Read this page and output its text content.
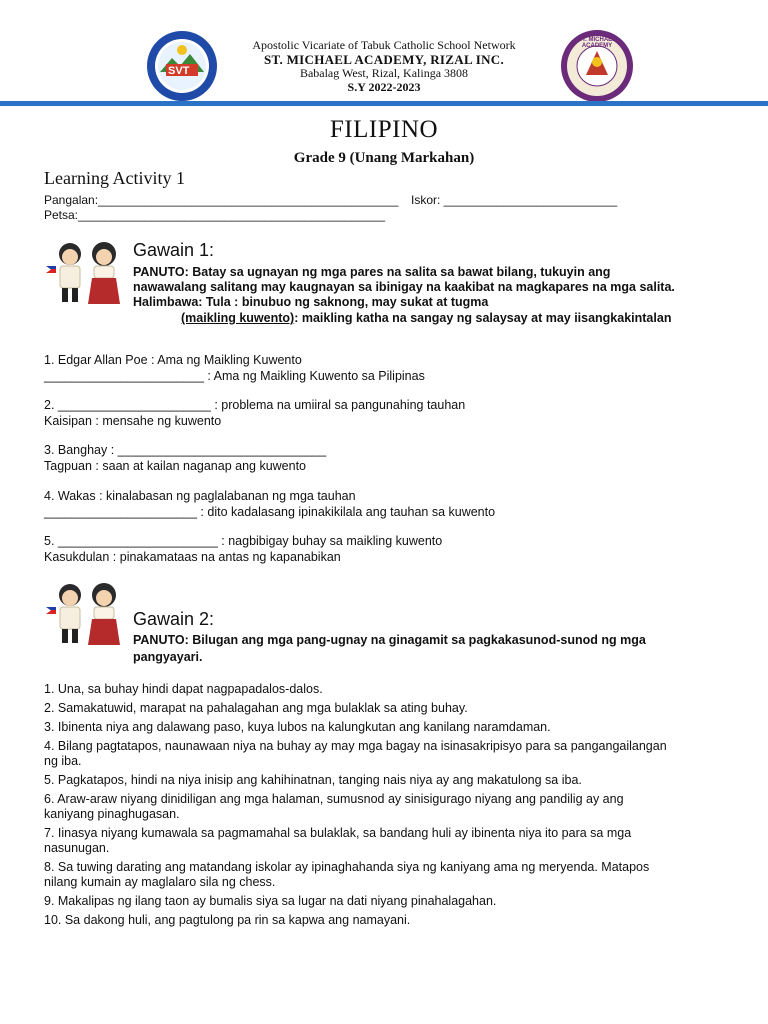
SVT
ST. MICHAEL ACADEMY
Apostolic Vicariate of Tabuk Catholic School Network
ST. MICHAEL ACADEMY, RIZAL INC.
Babalag West, Rizal, Kalinga 3808
S.Y 2022-2023
FILIPINO
Grade 9 (Unang Markahan)
Learning Activity 1
Pangalan:_____________________________________________ Iskor: __________________________
Petsa:______________________________________________
Gawain 1:
PANUTO: Batay sa ugnayan ng mga pares na salita sa bawat bilang, tukuyin ang
nawawalang salitang may kaugnayan sa ibinigay na kaakibat na magkapares na mga salita.
Halimbawa: Tula : binubuo ng saknong, may sukat at tugma
(maikling kuwento): maikling katha na sangay ng salaysay at may iisangkakintalan
1. Edgar Allan Poe : Ama ng Maikling Kuwento
_______________________ : Ama ng Maikling Kuwento sa Pilipinas
2. ______________________ : problema na umiiral sa pangunahing tauhan
Kaisipan : mensahe ng kuwento
3. Banghay : ______________________________
Tagpuan : saan at kailan naganap ang kuwento
4. Wakas : kinalabasan ng paglalabanan ng mga tauhan
______________________ : dito kadalasang ipinakikilala ang tauhan sa kuwento
5. _______________________ : nagbibigay buhay sa maikling kuwento
Kasukdulan : pinakamataas na antas ng kapanabikan
Gawain 2:
PANUTO: Bilugan ang mga pang-ugnay na ginagamit sa pagkakasunod-sunod ng mga
pangyayari.
1. Una, sa buhay hindi dapat nagpapadalos-dalos.
2. Samakatuwid, marapat na pahalagahan ang mga bulaklak sa ating buhay.
3. Ibinenta niya ang dalawang paso, kuya lubos na kalungkutan ang kanilang naramdaman.
4. Bilang pagtatapos, naunawaan niya na buhay ay may mga bagay na isinasakripisyo para sa pangangailangan
ng iba.
5. Pagkatapos, hindi na niya inisip ang kahihinatnan, tanging nais niya ay ang makatulong sa iba.
6. Araw-araw niyang dinidiligan ang mga halaman, sumusnod ay sinisigurago niyang ang pandilig ay ang
kaniyang pinaghugasan.
7. Iinasya niyang kumawala sa pagmamahal sa bulaklak, sa bandang huli ay ibinenta niya ito para sa mga
nasunugan.
8. Sa tuwing darating ang matandang iskolar ay ipinaghahanda siya ng kaniyang ama ng meryenda. Matapos
nilang kumain ay maglalaro sila ng chess.
9. Makalipas ng ilang taon ay bumalis siya sa lugar na dati niyang pinahalagahan.
10. Sa dakong huli, ang pagtulong pa rin sa kapwa ang namayani.
